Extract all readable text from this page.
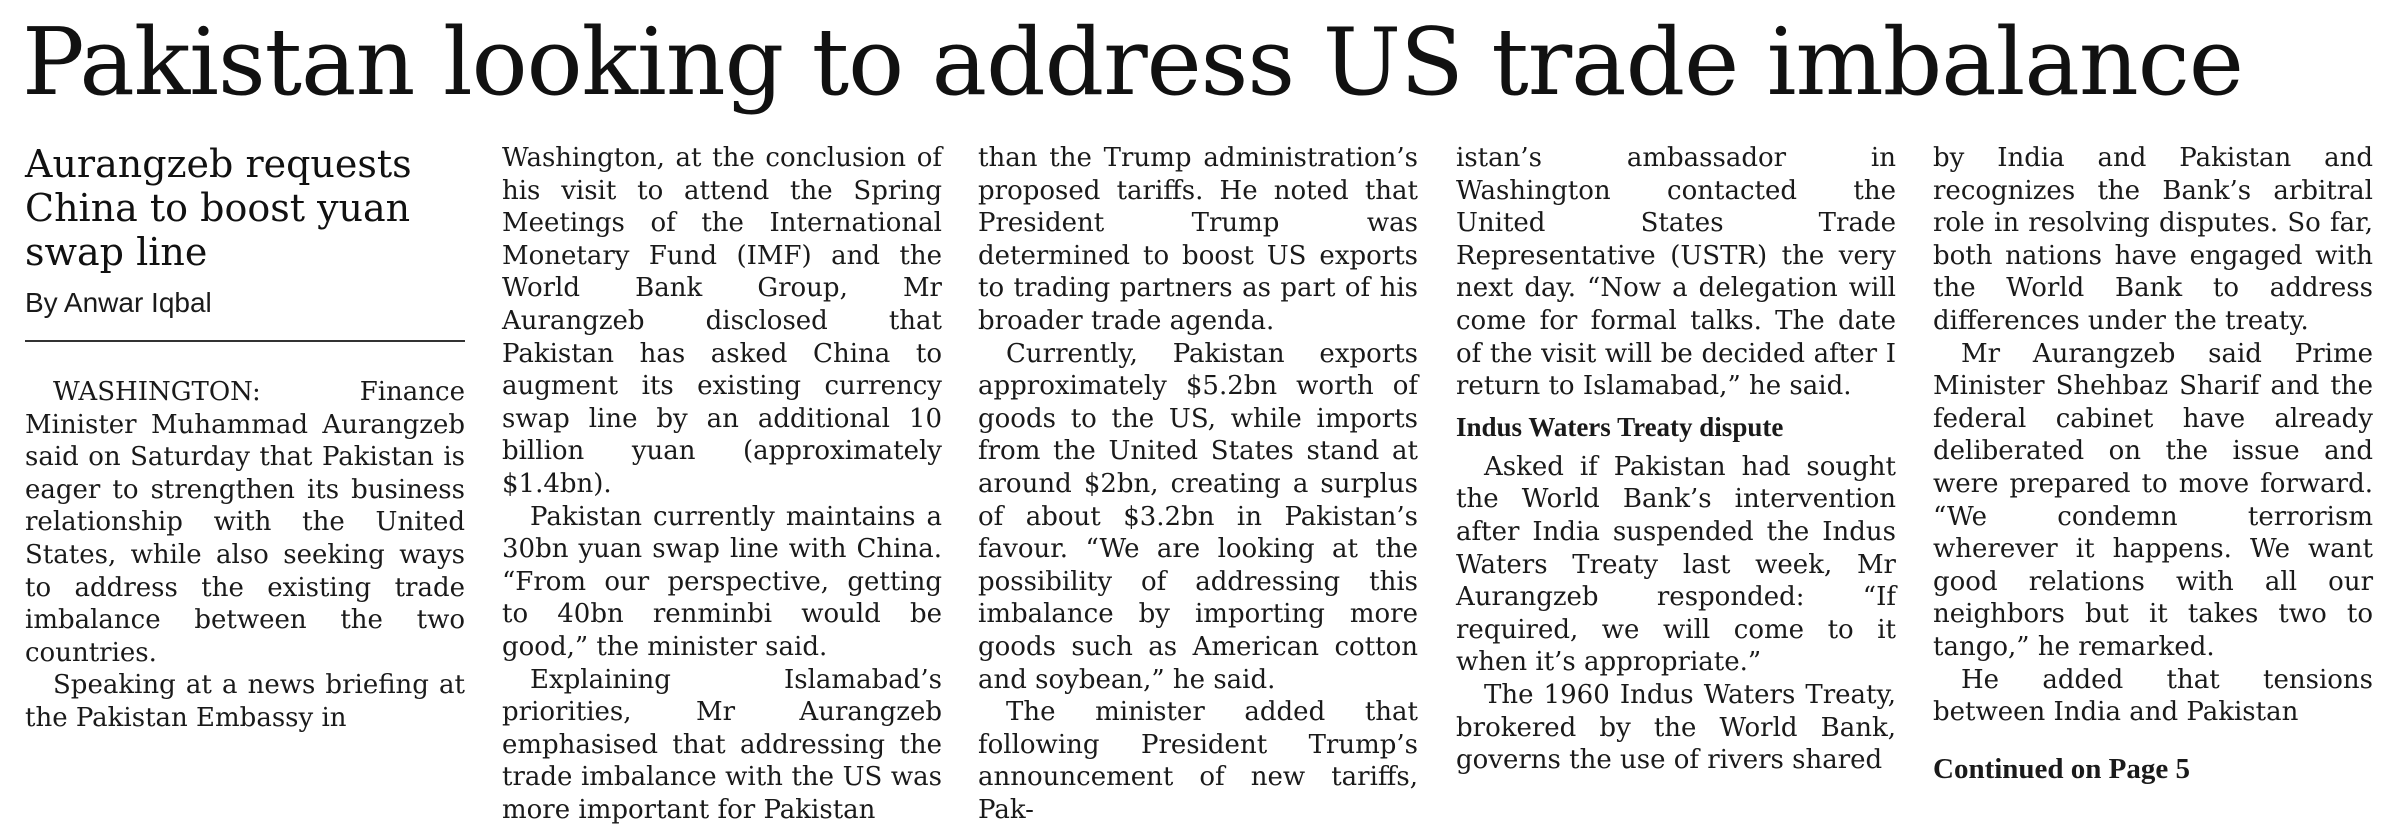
Pakistan looking to address US trade imbalance
Aurangzeb requests China to boost yuan swap line
By Anwar Iqbal

WASHINGTON: Finance Minister Muhammad Aurangzeb said on Saturday that Pakistan is eager to strengthen its business relationship with the United States, while also seeking ways to address the existing trade imbalance between the two countries.

Speaking at a news briefing at the Pakistan Embassy in

Washington, at the conclusion of his visit to attend the Spring Meetings of the International Monetary Fund (IMF) and the World Bank Group, Mr Aurangzeb disclosed that Pakistan has asked China to augment its existing currency swap line by an additional 10 billion yuan (approximately $1.4bn).

Pakistan currently maintains a 30bn yuan swap line with China. “From our perspective, getting to 40bn renminbi would be good,” the minister said.

Explaining Islamabad’s priorities, Mr Aurangzeb emphasised that addressing the trade imbalance with the US was more important for Pakistan

than the Trump administration’s proposed tariffs. He noted that President Trump was determined to boost US exports to trading partners as part of his broader trade agenda.

Currently, Pakistan exports approximately $5.2bn worth of goods to the US, while imports from the United States stand at around $2bn, creating a surplus of about $3.2bn in Pakistan’s favour. “We are looking at the possibility of addressing this imbalance by importing more goods such as American cotton and soybean,” he said.

The minister added that following President Trump’s announcement of new tariffs, Pak-

istan’s ambassador in Washington contacted the United States Trade Representative (USTR) the very next day. “Now a delegation will come for formal talks. The date of the visit will be decided after I return to Islamabad,” he said.

Indus Waters Treaty dispute

Asked if Pakistan had sought the World Bank’s intervention after India suspended the Indus Waters Treaty last week, Mr Aurangzeb responded: “If required, we will come to it when it’s appropriate.”

The 1960 Indus Waters Treaty, brokered by the World Bank, governs the use of rivers shared

by India and Pakistan and recognizes the Bank’s arbitral role in resolving disputes. So far, both nations have engaged with the World Bank to address differences under the treaty.

Mr Aurangzeb said Prime Minister Shehbaz Sharif and the federal cabinet have already deliberated on the issue and were prepared to move forward. “We condemn terrorism wherever it happens. We want good relations with all our neighbors but it takes two to tango,” he remarked.

He added that tensions between India and Pakistan

Continued on Page 5
